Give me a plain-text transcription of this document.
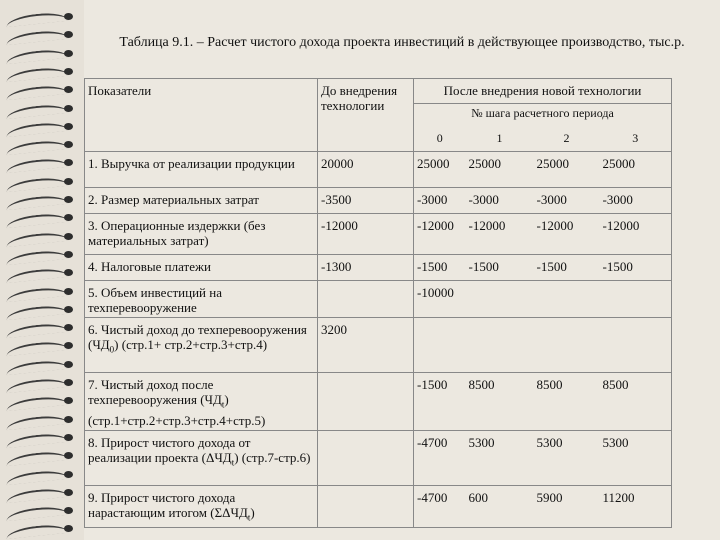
Таблица 9.1. – Расчет чистого дохода проекта инвестиций в действующее производство, тыс.р.
Показатели	До внедрения технологии	После внедрения новой технологии			
		№ шага расчетного периода			
		0	1	2	3
1. Выручка от реализации продукции	20000	25000	25000	25000	25000
2. Размер материальных затрат	-3500	-3000	-3000	-3000	-3000
3. Операционные издержки (без материальных затрат)	-12000	-12000	-12000	-12000	-12000
4. Налоговые платежи	-1300	-1500	-1500	-1500	-1500
5. Объем инвестиций на техперевооружение		-10000			
6. Чистый доход до техперевооружения $(ЧД_0)$ (стр.1+ стр.2+стр.3+стр.4)	3200				
7. Чистый доход после техперевооружения $(ЧД_t)$ (стр.1+стр.2+стр.3+стр.4+стр.5)		-1500	8500	8500	8500
8. Прирост чистого дохода от реализации проекта $(\Delta ЧД_t)$ (стр.7-стр.6)		-4700	5300	5300	5300
9. Прирост чистого дохода нарастающим итогом $(\Sigma\Delta ЧД_t)$		-4700	600	5900	11200
